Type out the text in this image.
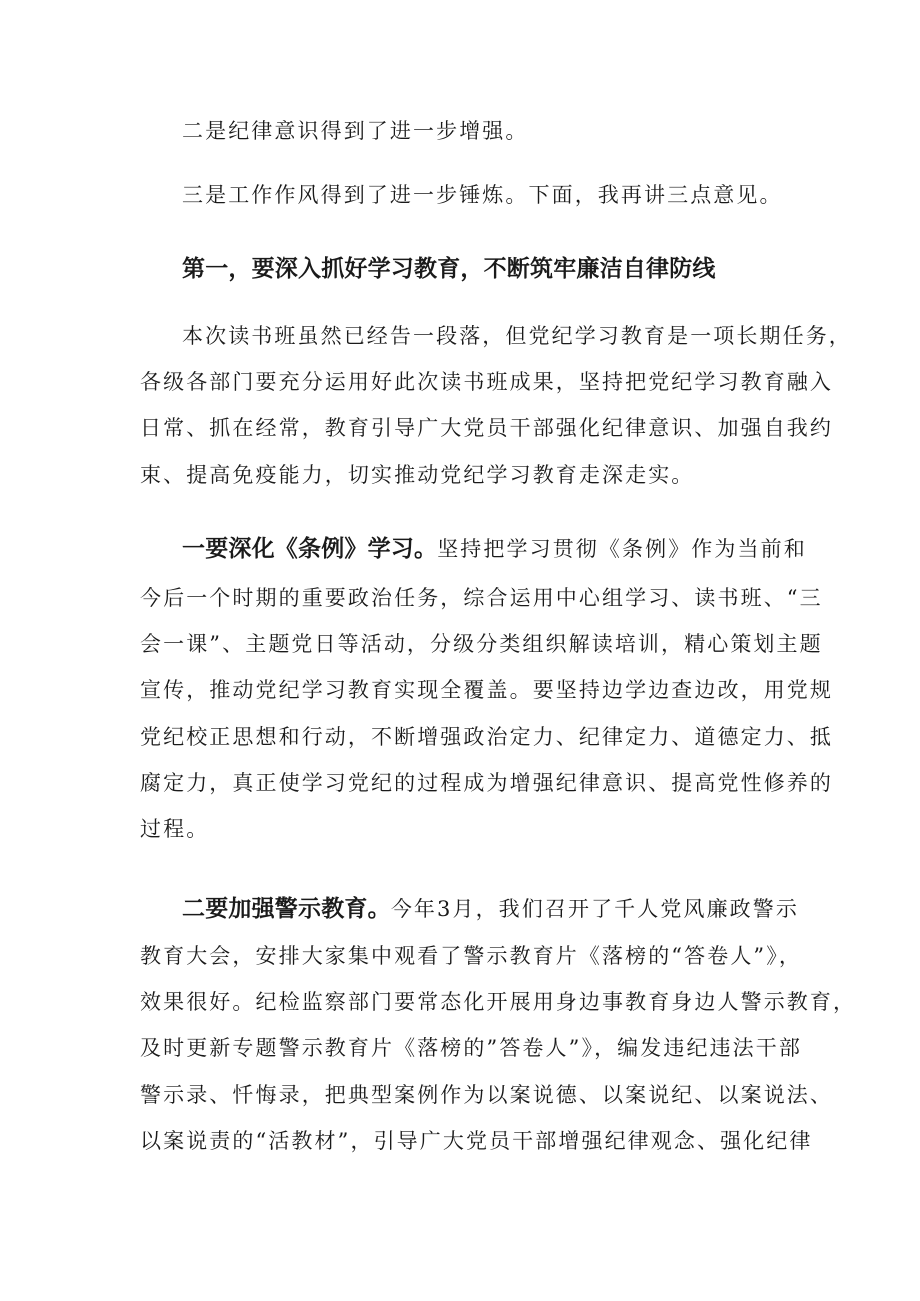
二是纪律意识得到了进一步增强。

三是工作作风得到了进一步锤炼。下面，我再讲三点意见。

第一，要深入抓好学习教育，不断筑牢廉洁自律防线

本次读书班虽然已经告一段落，但党纪学习教育是一项长期任务，

各级各部门要充分运用好此次读书班成果，坚持把党纪学习教育融入

日常、抓在经常，教育引导广大党员干部强化纪律意识、加强自我约

束、提高免疫能力，切实推动党纪学习教育走深走实。

一要深化《条例》学习。坚持把学习贯彻《条例》作为当前和

今后一个时期的重要政治任务，综合运用中心组学习、读书班、“三

会一课”、主题党日等活动，分级分类组织解读培训，精心策划主题

宣传，推动党纪学习教育实现全覆盖。要坚持边学边查边改，用党规

党纪校正思想和行动，不断增强政治定力、纪律定力、道德定力、抵

腐定力，真正使学习党纪的过程成为增强纪律意识、提高党性修养的

过程。

二要加强警示教育。今年3月，我们召开了千人党风廉政警示

教育大会，安排大家集中观看了警示教育片《落榜的“答卷人”》，

效果很好。纪检监察部门要常态化开展用身边事教育身边人警示教育，

及时更新专题警示教育片《落榜的”答卷人”》，编发违纪违法干部

警示录、忏悔录，把典型案例作为以案说德、以案说纪、以案说法、

以案说责的“活教材”，引导广大党员干部增强纪律观念、强化纪律
